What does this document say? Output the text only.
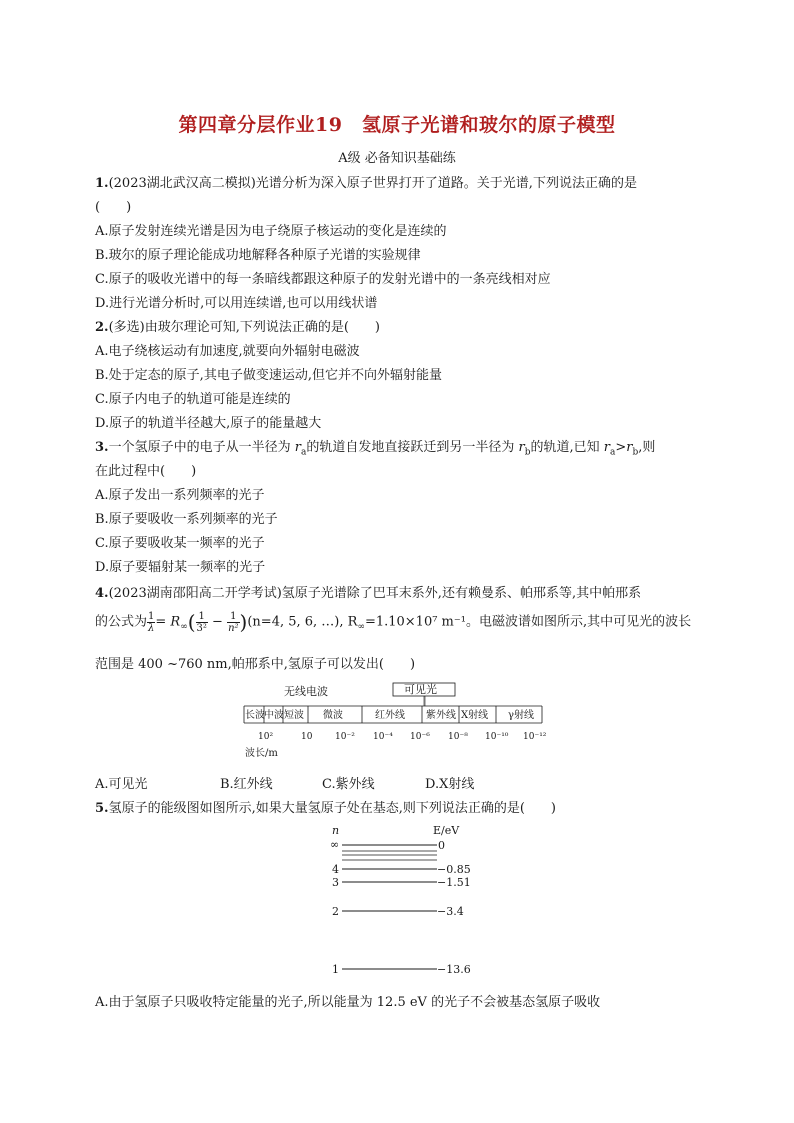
第四章分层作业19　氢原子光谱和玻尔的原子模型
A级 必备知识基础练
1.(2023湖北武汉高二模拟)光谱分析为深入原子世界打开了道路。关于光谱,下列说法正确的是
(　　)
A.原子发射连续光谱是因为电子绕原子核运动的变化是连续的
B.玻尔的原子理论能成功地解释各种原子光谱的实验规律
C.原子的吸收光谱中的每一条暗线都跟这种原子的发射光谱中的一条亮线相对应
D.进行光谱分析时,可以用连续谱,也可以用线状谱
2.(多选)由玻尔理论可知,下列说法正确的是(　　)
A.电子绕核运动有加速度,就要向外辐射电磁波
B.处于定态的原子,其电子做变速运动,但它并不向外辐射能量
C.原子内电子的轨道可能是连续的
D.原子的轨道半径越大,原子的能量越大
3.一个氢原子中的电子从一半径为 $r_a$的轨道自发地直接跃迁到另一半径为 $r_b$的轨道,已知 $r_a>r_b$,则
在此过程中(　　)
A.原子发出一系列频率的光子
B.原子要吸收一系列频率的光子
C.原子要吸收某一频率的光子
D.原子要辐射某一频率的光子
4.(2023湖南邵阳高二开学考试)氢原子光谱除了巴耳末系外,还有赖曼系、帕邢系等,其中帕邢系
的公式为 $\frac{1}{\lambda} = R_\infty( \frac{1}{\text{3²}} - \frac{1}{\text{n²}} )(n=4$, 5, 6, …), $R_\infty=1.10\times 10^7$ m⁻¹。电磁波谱如图所示,其中可见光的波长
范围是 400 ~760 nm,帕邢系中,氢原子可以发出(　　)
无线电波	可见光
长波 中波 短波 微波	红外线 紫外线 X射线 γ射线
10²	10	10⁻² 10⁻⁴ 10⁻⁶ 10⁻⁸ 10⁻¹⁰ 10⁻¹²
波长/m
A.可见光	B.红外线	C.紫外线	D.X射线
5.氢原子的能级图如图所示,如果大量氢原子处在基态,则下列说法正确的是(　　)
n	E/eV
∞	0
4	−0.85
3	−1.51
2	−3.4
1	−13.6
A.由于氢原子只吸收特定能量的光子,所以能量为 12.5 eV 的光子不会被基态氢原子吸收
